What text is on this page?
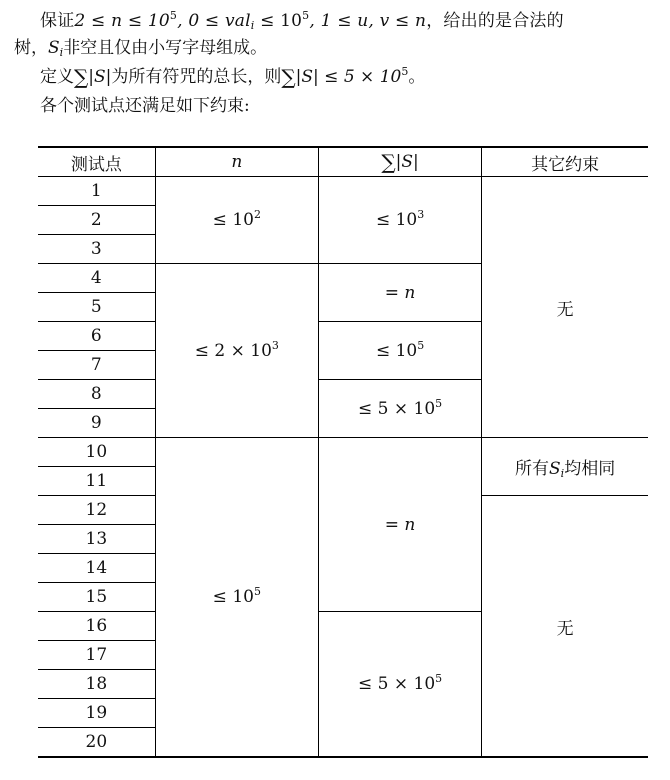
保证$2 \le n \le 10^5$, $0 \le val_i \le 10^5$, 1 ≤ u, v ≤ n，给出的是合法的
树，$S_i$非空且仅由小写字母组成。
定义∑|S|为所有符咒的总长，则$\sum|S| \le 5 \times 10^5$。
各个测试点还满足如下约束:
测试点	n	∑|S|	其它约束
1	≤ $10^2$	≤ $10^3$	无
2			
3			
4	≤ $2 \times 10^3$	= n	
5			
6		≤ $10^5$
7			
8		≤ $5 \times 10^5$
9			
10	≤ $10^5$	= n	所有$S_i$均相同
11			
12			无
13			
14			
15			
16		≤ $5 \times 10^5$
17			
18			
19			
20			
